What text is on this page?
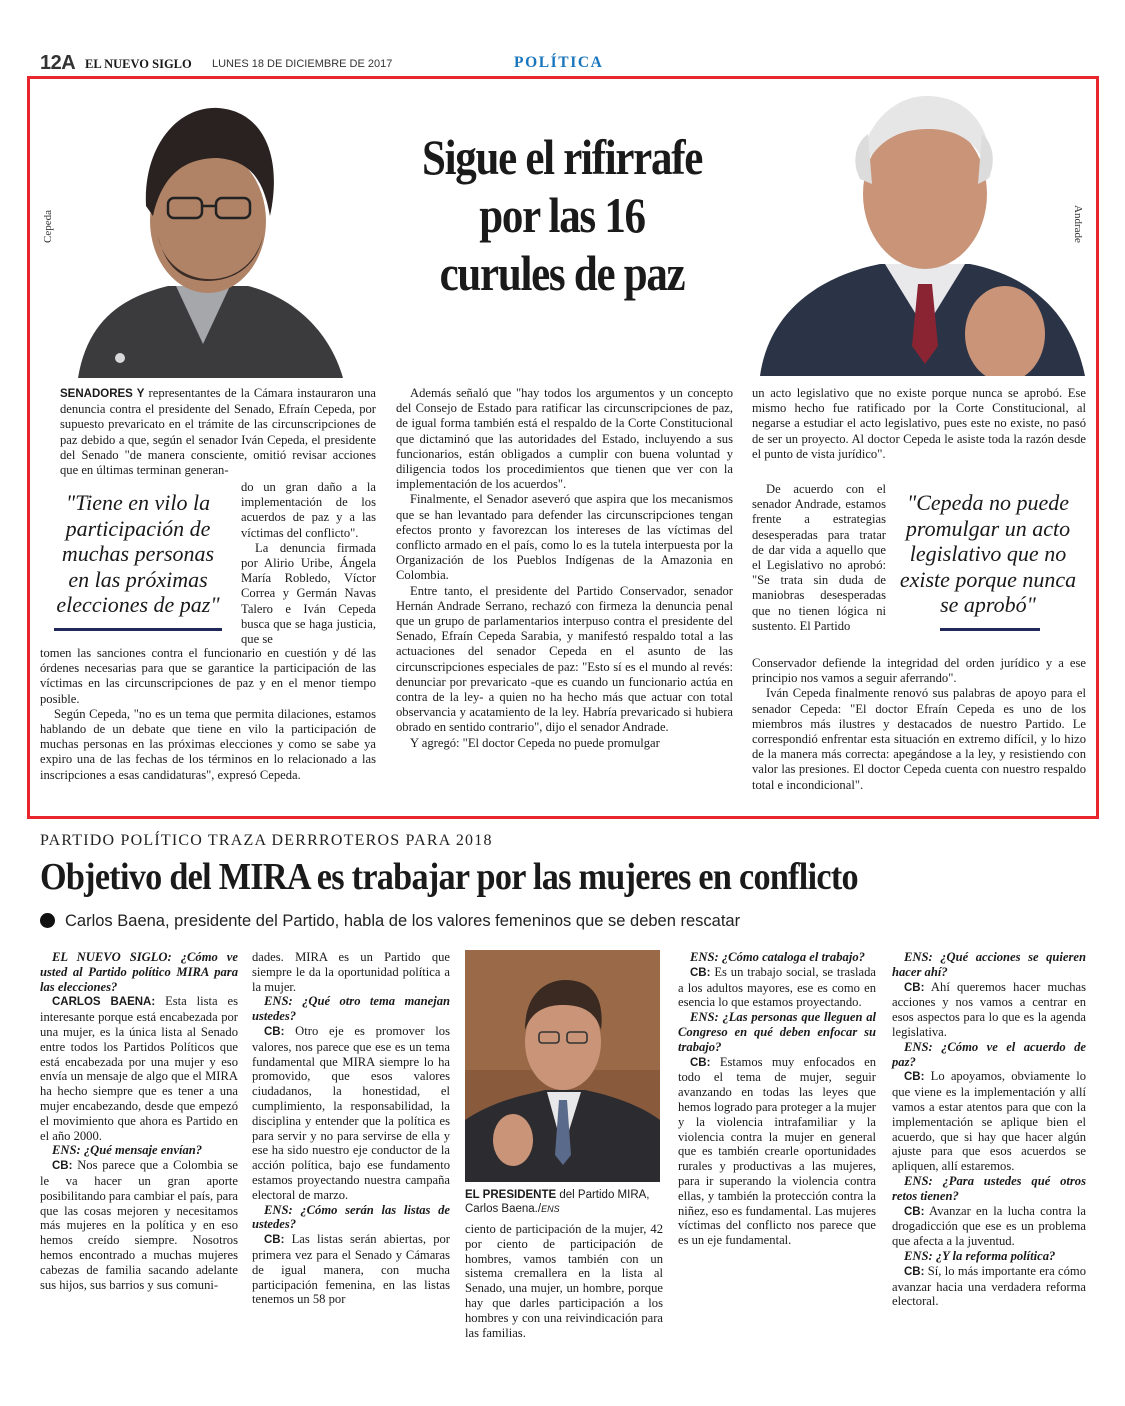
12A EL NUEVO SIGLO LUNES 18 DE DICIEMBRE DE 2017	POLÍTICA
Cepeda
Sigue el rifirrafe
por las 16
curules de paz
Andrade

SENADORES Y representantes de la Cámara instauraron una denuncia contra el presidente del Senado, Efraín Cepeda, por supuesto prevaricato en el trámite de las circunscripciones de paz debido a que, según el senador Iván Cepeda, el presidente del Senado "de manera consciente, omitió revisar acciones que en últimas terminan generan-

"Tiene en vilo la participación de muchas personas en las próximas elecciones de paz"

do un gran daño a la implementación de los acuerdos de paz y a las víctimas del conflicto".

La denuncia firmada por Alirio Uribe, Ángela María Robledo, Víctor Correa y Germán Navas Talero e Iván Cepeda busca que se haga justicia, que se

tomen las sanciones contra el funcionario en cuestión y dé las órdenes necesarias para que se garantice la participación de las víctimas en las circunscripciones de paz y en el menor tiempo posible.

Según Cepeda, "no es un tema que permita dilaciones, estamos hablando de un debate que tiene en vilo la participación de muchas personas en las próximas elecciones y como se sabe ya expiro una de las fechas de los términos en lo relacionado a las inscripciones a esas candidaturas", expresó Cepeda.

Además señaló que "hay todos los argumentos y un concepto del Consejo de Estado para ratificar las circunscripciones de paz, de igual forma también está el respaldo de la Corte Constitucional que dictaminó que las autoridades del Estado, incluyendo a sus funcionarios, están obligados a cumplir con buena voluntad y diligencia todos los procedimientos que tienen que ver con la implementación de los acuerdos".

Finalmente, el Senador aseveró que aspira que los mecanismos que se han levantado para defender las circunscripciones tengan efectos pronto y favorezcan los intereses de las víctimas del conflicto armado en el país, como lo es la tutela interpuesta por la Organización de los Pueblos Indígenas de la Amazonia en Colombia.

Entre tanto, el presidente del Partido Conservador, senador Hernán Andrade Serrano, rechazó con firmeza la denuncia penal que un grupo de parlamentarios interpuso contra el presidente del Senado, Efraín Cepeda Sarabia, y manifestó respaldo total a las actuaciones del senador Cepeda en el asunto de las circunscripciones especiales de paz: "Esto sí es el mundo al revés: denunciar por prevaricato -que es cuando un funcionario actúa en contra de la ley- a quien no ha hecho más que actuar con total observancia y acatamiento de la ley. Habría prevaricado si hubiera obrado en sentido contrario", dijo el senador Andrade.

Y agregó: "El doctor Cepeda no puede promulgar

un acto legislativo que no existe porque nunca se aprobó. Ese mismo hecho fue ratificado por la Corte Constitucional, al negarse a estudiar el acto legislativo, pues este no existe, no pasó de ser un proyecto. Al doctor Cepeda le asiste toda la razón desde el punto de vista jurídico".

De acuerdo con el senador Andrade, estamos frente a estrategias desesperadas para tratar de dar vida a aquello que el Legislativo no aprobó: "Se trata sin duda de maniobras desesperadas que no tienen lógica ni sustento. El Partido

"Cepeda no puede promulgar un acto legislativo que no existe porque nunca se aprobó"

Conservador defiende la integridad del orden jurídico y a ese principio nos vamos a seguir aferrando".

Iván Cepeda finalmente renovó sus palabras de apoyo para el senador Cepeda: "El doctor Efraín Cepeda es uno de los miembros más ilustres y destacados de nuestro Partido. Le correspondió enfrentar esta situación en extremo difícil, y lo hizo de la manera más correcta: apegándose a la ley, y resistiendo con valor las presiones. El doctor Cepeda cuenta con nuestro respaldo total e incondicional".

PARTIDO POLÍTICO TRAZA DERRROTEROS PARA 2018
Objetivo del MIRA es trabajar por las mujeres en conflicto
Carlos Baena, presidente del Partido, habla de los valores femeninos que se deben rescatar

EL NUEVO SIGLO: ¿Cómo ve usted al Partido político MIRA para las elecciones?

CARLOS BAENA: Esta lista es interesante porque está encabezada por una mujer, es la única lista al Senado entre todos los Partidos Políticos que está encabezada por una mujer y eso envía un mensaje de algo que el MIRA ha hecho siempre que es tener a una mujer encabezando, desde que empezó el movimiento que ahora es Partido en el año 2000.

ENS: ¿Qué mensaje envían?

CB: Nos parece que a Colombia se le va hacer un gran aporte posibilitando para cambiar el país, para que las cosas mejoren y necesitamos más mujeres en la política y en eso hemos creído siempre. Nosotros hemos encontrado a muchas mujeres cabezas de familia sacando adelante sus hijos, sus barrios y sus comuni-

dades. MIRA es un Partido que siempre le da la oportunidad política a la mujer.

ENS: ¿Qué otro tema manejan ustedes?

CB: Otro eje es promover los valores, nos parece que ese es un tema fundamental que MIRA siempre lo ha promovido, que esos valores ciudadanos, la honestidad, el cumplimiento, la responsabilidad, la disciplina y entender que la política es para servir y no para servirse de ella y ese ha sido nuestro eje conductor de la acción política, bajo ese fundamento estamos proyectando nuestra campaña electoral de marzo.

ENS: ¿Cómo serán las listas de ustedes?

CB: Las listas serán abiertas, por primera vez para el Senado y Cámaras de igual manera, con mucha participación femenina, en las listas tenemos un 58 por

EL PRESIDENTE del Partido MIRA, Carlos Baena./ENS

ciento de participación de la mujer, 42 por ciento de participación de hombres, vamos también con un sistema cremallera en la lista al Senado, una mujer, un hombre, porque hay que darles participación a los hombres y con una reivindicación para las familias.

ENS: ¿Cómo cataloga el trabajo?

CB: Es un trabajo social, se traslada a los adultos mayores, ese es como en esencia lo que estamos proyectando.

ENS: ¿Las personas que lleguen al Congreso en qué deben enfocar su trabajo?

CB: Estamos muy enfocados en todo el tema de mujer, seguir avanzando en todas las leyes que hemos logrado para proteger a la mujer y la violencia intrafamiliar y la violencia contra la mujer en general que es también crearle oportunidades rurales y productivas a las mujeres, para ir superando la violencia contra ellas, y también la protección contra la niñez, eso es fundamental. Las mujeres víctimas del conflicto nos parece que es un eje fundamental.

ENS: ¿Qué acciones se quieren hacer ahí?

CB: Ahí queremos hacer muchas acciones y nos vamos a centrar en esos aspectos para lo que es la agenda legislativa.

ENS: ¿Cómo ve el acuerdo de paz?

CB: Lo apoyamos, obviamente lo que viene es la implementación y allí vamos a estar atentos para que con la implementación se aplique bien el acuerdo, que si hay que hacer algún ajuste para que esos acuerdos se apliquen, allí estaremos.

ENS: ¿Para ustedes qué otros retos tienen?

CB: Avanzar en la lucha contra la drogadicción que ese es un problema que afecta a la juventud.

ENS: ¿Y la reforma política?

CB: Sí, lo más importante era cómo avanzar hacia una verdadera reforma electoral.
